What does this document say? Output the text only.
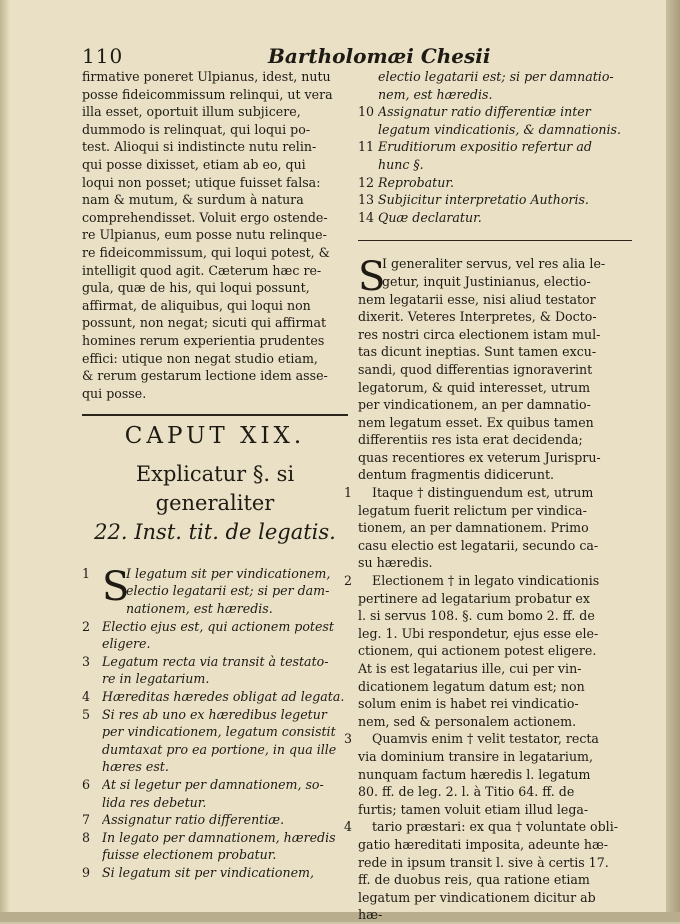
110	Bartholomæi Chesii
firmative poneret Ulpianus, idest, nutu
posse fideicommissum relinqui, ut vera
illa esset, oportuit illum subjicere,
dummodo is relinquat, qui loqui po-
test. Alioqui si indistincte nutu relin-
qui posse dixisset, etiam ab eo, qui
loqui non posset; utique fuisset falsa:
nam & mutum, & surdum à natura
comprehendisset. Voluit ergo ostende-
re Ulpianus, eum posse nutu relinque-
re fideicommissum, qui loqui potest, &
intelligit quod agit. Cæterum hæc re-
gula, quæ de his, qui loqui possunt,
affirmat, de aliquibus, qui loqui non
possunt, non negat; sicuti qui affirmat
homines rerum experientia prudentes
effici: utique non negat studio etiam,
& rerum gestarum lectione idem asse-
qui posse.
CAPUT XIX.
Explicatur §. si generaliter
22. Inst. tit. de legatis.
1	I legatum sit per vindicationem,
electio legatarii est; si per dam-
nationem, est hæredis.
S
2 Electio ejus est, qui actionem potest
eligere.
3 Legatum recta via transit à testato-
re in legatarium.
4 Hæreditas hæredes obligat ad legata.
5 Si res ab uno ex hæredibus legetur
per vindicationem, legatum consistit
dumtaxat pro ea portione, in qua ille
hæres est.
6 At si legetur per damnationem, so-
lida res debetur.
7 Assignatur ratio differentiæ.
8 In legato per damnationem, hæredis
fuisse electionem probatur.
9 Si legatum sit per vindicationem,
electio legatarii est; si per damnatio-
nem, est hæredis.
10 Assignatur ratio differentiæ inter
legatum vindicationis, & damnationis.
11 Eruditiorum expositio refertur ad
hunc §.
12 Reprobatur.
13 Subjicitur interpretatio Authoris.
14 Quæ declaratur.
S
I generaliter servus, vel res alia le-
getur, inquit Justinianus, electio-
nem legatarii esse, nisi aliud testator
dixerit. Veteres Interpretes, & Docto-
res nostri circa electionem istam mul-
tas dicunt ineptias. Sunt tamen excu-
sandi, quod differentias ignoraverint
legatorum, & quid interesset, utrum
per vindicationem, an per damnatio-
nem legatum esset. Ex quibus tamen
differentiis res ista erat decidenda;
quas recentiores ex veterum Jurispru-
dentum fragmentis didicerunt.
1	Itaque † distinguendum est, utrum
legatum fuerit relictum per vindica-
tionem, an per damnationem. Primo
casu electio est legatarii, secundo ca-
su hæredis.
2	Electionem † in legato vindicationis
pertinere ad legatarium probatur ex
l. si servus 108. §. cum bomo 2. ff. de
leg. 1. Ubi respondetur, ejus esse ele-
ctionem, qui actionem potest eligere.
At is est legatarius ille, cui per vin-
dicationem legatum datum est; non
solum enim is habet rei vindicatio-
nem, sed & personalem actionem.
3	Quamvis enim † velit testator, recta
via dominium transire in legatarium,
nunquam factum hæredis l. legatum
80. ff. de leg. 2. l. à Titio 64. ff. de
furtis; tamen voluit etiam illud lega-
4	tario præstari: ex qua † voluntate obli-
gatio hæreditati imposita, adeunte hæ-
rede in ipsum transit l. sive à certis 17.
ff. de duobus reis, qua ratione etiam
legatum per vindicationem dicitur ab
hæ-
